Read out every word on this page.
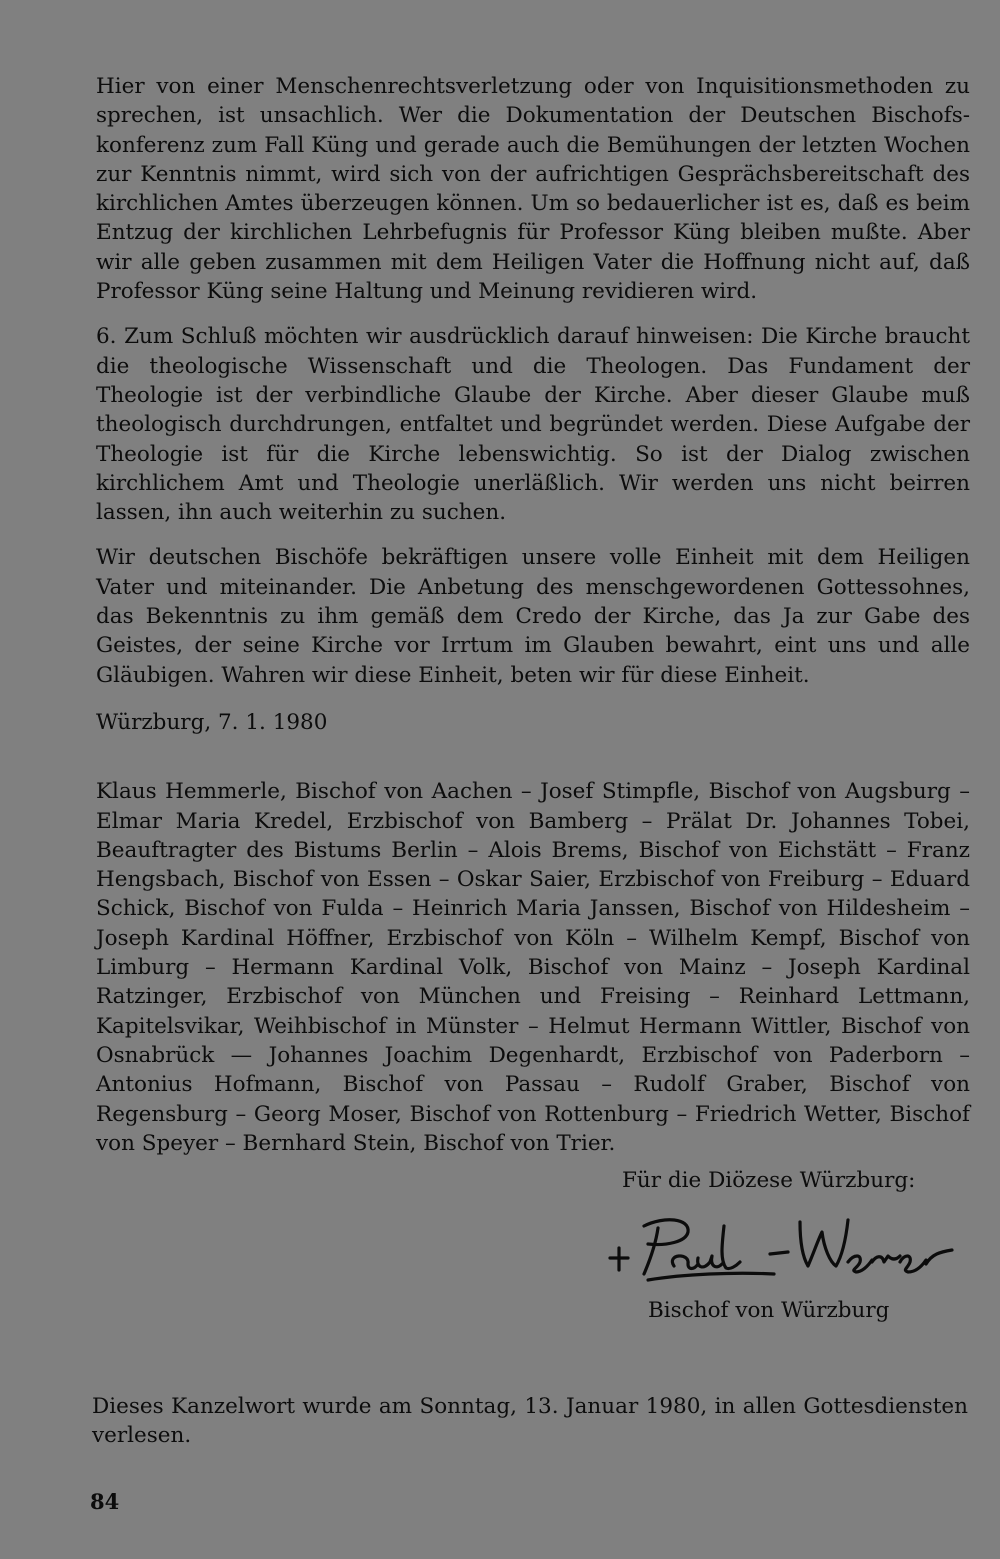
Hier von einer Menschenrechtsverletzung oder von Inquisitionsmethoden zu sprechen, ist unsachlich. Wer die Dokumentation der Deutschen Bischofskonferenz zum Fall Küng und gerade auch die Bemühungen der letzten Wochen zur Kenntnis nimmt, wird sich von der aufrichtigen Gesprächsbereitschaft des kirchlichen Amtes überzeugen können. Um so bedauerlicher ist es, daß es beim Entzug der kirchlichen Lehrbefugnis für Professor Küng bleiben mußte. Aber wir alle geben zusammen mit dem Heiligen Vater die Hoffnung nicht auf, daß Professor Küng seine Haltung und Meinung revidieren wird.

6. Zum Schluß möchten wir ausdrücklich darauf hinweisen: Die Kirche braucht die theologische Wissenschaft und die Theologen. Das Fundament der Theologie ist der verbindliche Glaube der Kirche. Aber dieser Glaube muß theologisch durchdrungen, entfaltet und begründet werden. Diese Aufgabe der Theologie ist für die Kirche lebenswichtig. So ist der Dialog zwischen kirchlichem Amt und Theologie unerläßlich. Wir werden uns nicht beirren lassen, ihn auch weiterhin zu suchen.

Wir deutschen Bischöfe bekräftigen unsere volle Einheit mit dem Heiligen Vater und miteinander. Die Anbetung des menschgewordenen Gottessohnes, das Bekenntnis zu ihm gemäß dem Credo der Kirche, das Ja zur Gabe des Geistes, der seine Kirche vor Irrtum im Glauben bewahrt, eint uns und alle Gläubigen. Wahren wir diese Einheit, beten wir für diese Einheit.

Würzburg, 7. 1. 1980

Klaus Hemmerle, Bischof von Aachen – Josef Stimpfle, Bischof von Augsburg – Elmar Maria Kredel, Erzbischof von Bamberg – Prälat Dr. Johannes Tobei, Beauftragter des Bistums Berlin – Alois Brems, Bischof von Eichstätt – Franz Hengsbach, Bischof von Essen – Oskar Saier, Erzbischof von Freiburg – Eduard Schick, Bischof von Fulda – Heinrich Maria Janssen, Bischof von Hildesheim – Joseph Kardinal Höffner, Erzbischof von Köln – Wilhelm Kempf, Bischof von Limburg – Hermann Kardinal Volk, Bischof von Mainz – Joseph Kardinal Ratzinger, Erzbischof von München und Freising – Reinhard Lettmann, Kapitelsvikar, Weihbischof in Münster – Helmut Hermann Wittler, Bischof von Osnabrück — Johannes Joachim Degenhardt, Erzbischof von Paderborn – Antonius Hofmann, Bischof von Passau – Rudolf Graber, Bischof von Regensburg – Georg Moser, Bischof von Rottenburg – Friedrich Wetter, Bischof von Speyer – Bernhard Stein, Bischof von Trier.

Für die Diözese Würzburg:
Bischof von Würzburg
Dieses Kanzelwort wurde am Sonntag, 13. Januar 1980, in allen Gottesdiensten verlesen.
84
